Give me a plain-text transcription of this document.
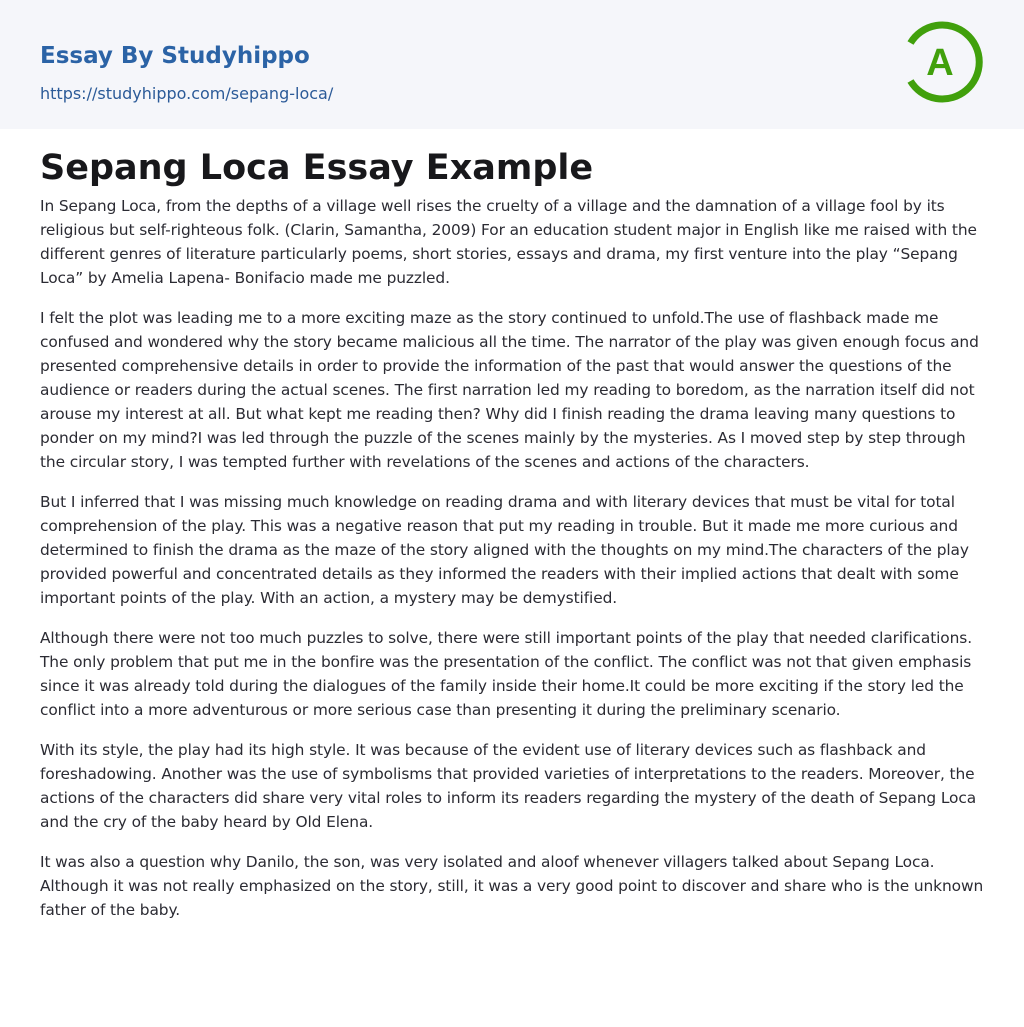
Essay By Studyhippo
https://studyhippo.com/sepang-loca/
A
Sepang Loca Essay Example

In Sepang Loca, from the depths of a village well rises the cruelty of a village and the damnation of a village fool by its religious but self-righteous folk. (Clarin, Samantha, 2009) For an education student major in English like me raised with the different genres of literature particularly poems, short stories, essays and drama, my first venture into the play “Sepang Loca” by Amelia Lapena- Bonifacio made me puzzled.

I felt the plot was leading me to a more exciting maze as the story continued to unfold.The use of flashback made me confused and wondered why the story became malicious all the time. The narrator of the play was given enough focus and presented comprehensive details in order to provide the information of the past that would answer the questions of the audience or readers during the actual scenes. The first narration led my reading to boredom, as the narration itself did not arouse my interest at all. But what kept me reading then? Why did I finish reading the drama leaving many questions to ponder on my mind?I was led through the puzzle of the scenes mainly by the mysteries. As I moved step by step through the circular story, I was tempted further with revelations of the scenes and actions of the characters.

But I inferred that I was missing much knowledge on reading drama and with literary devices that must be vital for total comprehension of the play. This was a negative reason that put my reading in trouble. But it made me more curious and determined to finish the drama as the maze of the story aligned with the thoughts on my mind.The characters of the play provided powerful and concentrated details as they informed the readers with their implied actions that dealt with some important points of the play. With an action, a mystery may be demystified.

Although there were not too much puzzles to solve, there were still important points of the play that needed clarifications. The only problem that put me in the bonfire was the presentation of the conflict. The conflict was not that given emphasis since it was already told during the dialogues of the family inside their home.It could be more exciting if the story led the conflict into a more adventurous or more serious case than presenting it during the preliminary scenario.

With its style, the play had its high style. It was because of the evident use of literary devices such as flashback and foreshadowing. Another was the use of symbolisms that provided varieties of interpretations to the readers. Moreover, the actions of the characters did share very vital roles to inform its readers regarding the mystery of the death of Sepang Loca and the cry of the baby heard by Old Elena.

It was also a question why Danilo, the son, was very isolated and aloof whenever villagers talked about Sepang Loca. Although it was not really emphasized on the story, still, it was a very good point to discover and share who is the unknown father of the baby.
